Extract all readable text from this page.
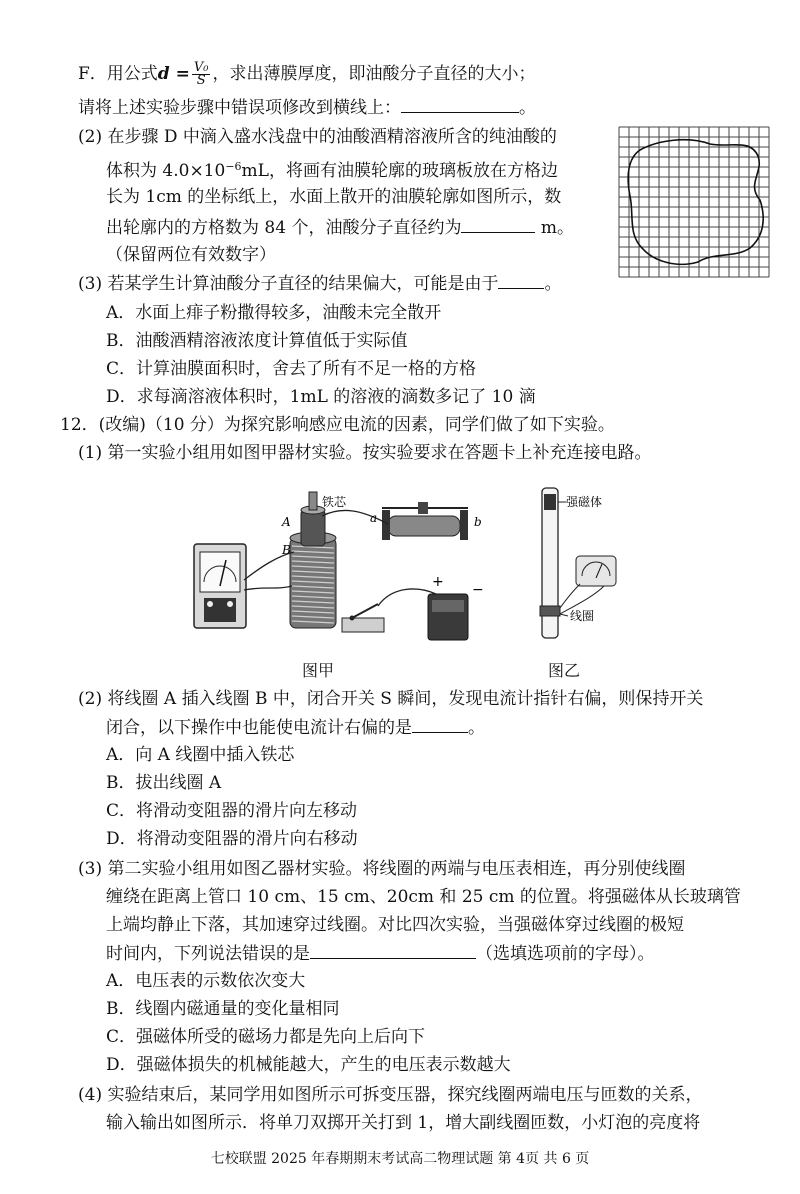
F．用公式$d = \frac{\text{V₀}}{S}$ ，求出薄膜厚度，即油酸分子直径的大小；
请将上述实验步骤中错误项修改到横线上：	。
(2) 在步骤 D 中滴入盛水浅盘中的油酸酒精溶液所含的纯油酸的
体积为 $4.0\times 10^{-6}mL$，将画有油膜轮廓的玻璃板放在方格边
长为 1cm 的坐标纸上，水面上散开的油膜轮廓如图所示，数
出轮廓内的方格数为 84 个，油酸分子直径约为	m。
（保留两位有效数字）
(3) 若某学生计算油酸分子直径的结果偏大，可能是由于	。
A．水面上痱子粉撒得较多，油酸未完全散开
B．油酸酒精溶液浓度计算值低于实际值
C．计算油膜面积时，舍去了所有不足一格的方格
D．求每滴溶液体积时，1mL 的溶液的滴数多记了 10 滴
12．(改编)（10 分）为探究影响感应电流的因素，同学们做了如下实验。
(1) 第一实验小组用如图甲器材实验。按实验要求在答题卡上补充连接电路。
A
B
铁芯
a	b
+ −
强磁体
线圈
图甲	图乙
(2) 将线圈 A 插入线圈 B 中，闭合开关 S 瞬间，发现电流计指针右偏，则保持开关
闭合，以下操作中也能使电流计右偏的是	。
A．向 A 线圈中插入铁芯
B．拔出线圈 A
C．将滑动变阻器的滑片向左移动
D．将滑动变阻器的滑片向右移动
(3) 第二实验小组用如图乙器材实验。将线圈的两端与电压表相连，再分别使线圈
缠绕在距离上管口 10 cm、15 cm、20cm 和 25 cm 的位置。将强磁体从长玻璃管
上端均静止下落，其加速穿过线圈。对比四次实验，当强磁体穿过线圈的极短
时间内，下列说法错误的是	（选填选项前的字母）。
A．电压表的示数依次变大
B．线圈内磁通量的变化量相同
C．强磁体所受的磁场力都是先向上后向下
D．强磁体损失的机械能越大，产生的电压表示数越大
(4) 实验结束后，某同学用如图所示可拆变压器，探究线圈两端电压与匝数的关系，
输入输出如图所示．将单刀双掷开关打到 1，增大副线圈匝数，小灯泡的亮度将
七校联盟 2025 年春期期末考试高二物理试题 第 4页 共 6 页
